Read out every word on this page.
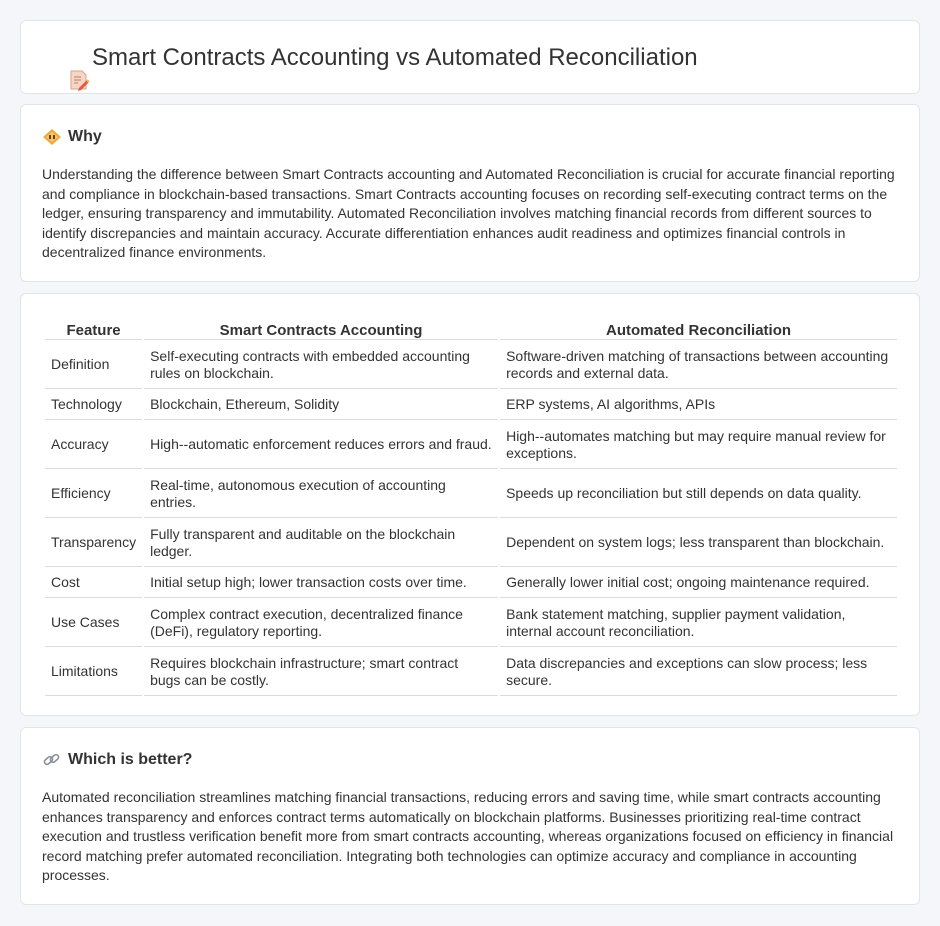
Smart Contracts Accounting vs Automated Reconciliation
Why

Understanding the difference between Smart Contracts accounting and Automated Reconciliation is crucial for accurate financial reporting and compliance in blockchain-based transactions. Smart Contracts accounting focuses on recording self-executing contract terms on the ledger, ensuring transparency and immutability. Automated Reconciliation involves matching financial records from different sources to identify discrepancies and maintain accuracy. Accurate differentiation enhances audit readiness and optimizes financial controls in decentralized finance environments.

Feature	Smart Contracts Accounting	Automated Reconciliation
Definition	Self-executing contracts with embedded accounting rules on blockchain.	Software-driven matching of transactions between accounting records and external data.
Technology	Blockchain, Ethereum, Solidity	ERP systems, AI algorithms, APIs
Accuracy	High--automatic enforcement reduces errors and fraud.	High--automates matching but may require manual review for exceptions.
Efficiency	Real-time, autonomous execution of accounting entries.	Speeds up reconciliation but still depends on data quality.
Transparency	Fully transparent and auditable on the blockchain ledger.	Dependent on system logs; less transparent than blockchain.
Cost	Initial setup high; lower transaction costs over time.	Generally lower initial cost; ongoing maintenance required.
Use Cases	Complex contract execution, decentralized finance (DeFi), regulatory reporting.	Bank statement matching, supplier payment validation, internal account reconciliation.
Limitations	Requires blockchain infrastructure; smart contract bugs can be costly.	Data discrepancies and exceptions can slow process; less secure.
Which is better?

Automated reconciliation streamlines matching financial transactions, reducing errors and saving time, while smart contracts accounting enhances transparency and enforces contract terms automatically on blockchain platforms. Businesses prioritizing real-time contract execution and trustless verification benefit more from smart contracts accounting, whereas organizations focused on efficiency in financial record matching prefer automated reconciliation. Integrating both technologies can optimize accuracy and compliance in accounting processes.
